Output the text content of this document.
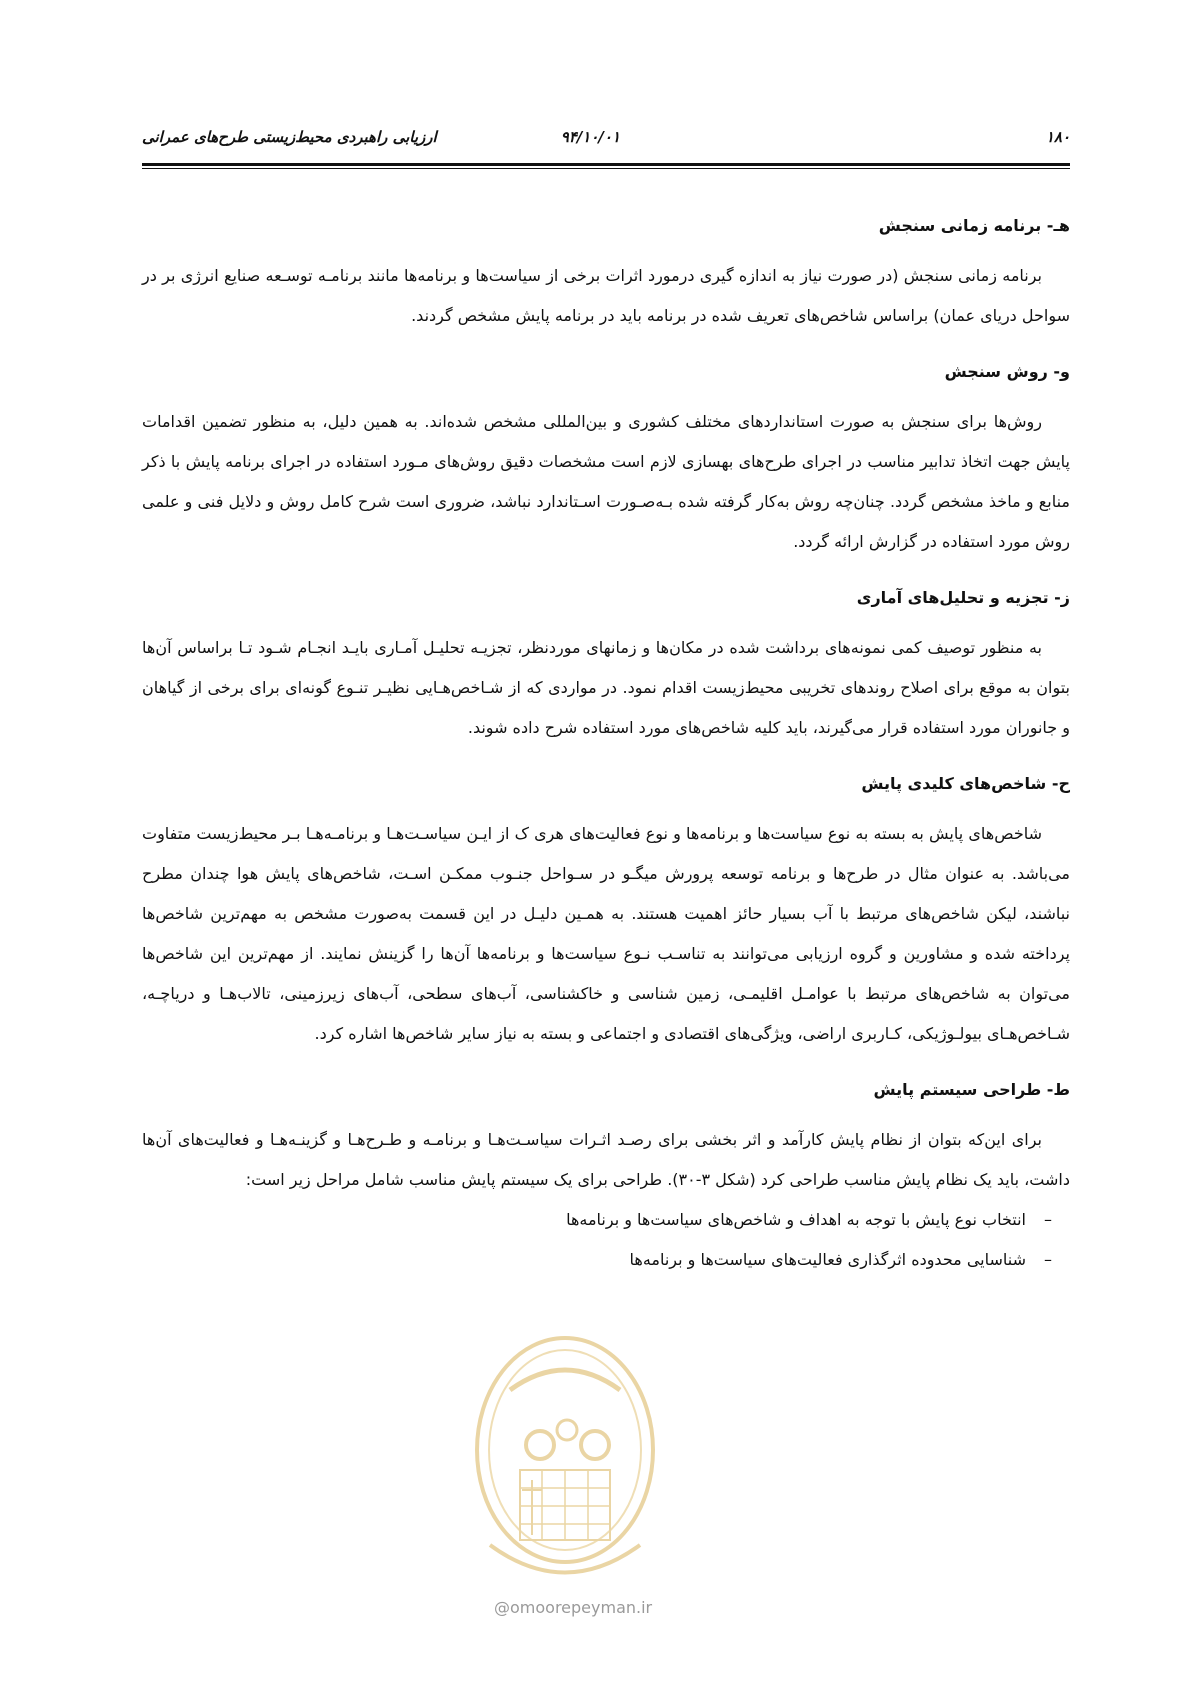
۱۸۰
۹۴/۱۰/۰۱
ارزیابی راهبردی محیط‌زیستی طرح‌های عمرانی
هـ- برنامه زمانی سنجش

برنامه زمانی سنجش (در صورت نیاز به اندازه گیری درمورد اثرات برخی از سیاست‌ها و برنامه‌ها مانند برنامـه توسـعه صنایع انرژی بر در سواحل دریای عمان) براساس شاخص‌های تعریف شده در برنامه باید در برنامه پایش مشخص گردند.

و- روش سنجش

روش‌ها برای سنجش به صورت استانداردهای مختلف کشوری و بین‌المللی مشخص شده‌اند. به همین دلیل، به منظور تضمین اقدامات پایش جهت اتخاذ تدابیر مناسب در اجرای طرح‌های بهسازی لازم است مشخصات دقیق روش‌های مـورد استفاده در اجرای برنامه پایش با ذکر منابع و ماخذ مشخص گردد. چنان‌چه روش به‌کار گرفته شده بـه‌صـورت اسـتاندارد نباشد، ضروری است شرح کامل روش و دلایل فنی و علمی روش مورد استفاده در گزارش ارائه گردد.

ز- تجزیه و تحلیل‌های آماری

به منظور توصیف کمی نمونه‌های برداشت شده در مکان‌ها و زمانهای موردنظر، تجزیـه تحلیـل آمـاری بایـد انجـام شـود تـا براساس آن‌ها بتوان به موقع برای اصلاح روندهای تخریبی محیط‌زیست اقدام نمود. در مواردی که از شـاخص‌هـایی نظیـر تنـوع گونه‌ای برای برخی از گیاهان و جانوران مورد استفاده قرار می‌گیرند، باید کلیه شاخص‌های مورد استفاده شرح داده شوند.

ح- شاخص‌های کلیدی پایش

شاخص‌های پایش به بسته به نوع سیاست‌ها و برنامه‌ها و نوع فعالیت‌های هری ک از ایـن سیاسـت‌هـا و برنامـه‌هـا بـر محیط‌زیست متفاوت می‌باشد. به عنوان مثال در طرح‌ها و برنامه توسعه پرورش میگـو در سـواحل جنـوب ممکـن اسـت، شاخص‌های پایش هوا چندان مطرح نباشند، لیکن شاخص‌های مرتبط با آب بسیار حائز اهمیت هستند. به همـین دلیـل در این قسمت به‌صورت مشخص به مهم‌ترین شاخص‌ها پرداخته شده و مشاورین و گروه ارزیابی می‌توانند به تناسـب نـوع سیاست‌ها و برنامه‌ها آن‌ها را گزینش نمایند. از مهم‌ترین این شاخص‌ها می‌توان به شاخص‌های مرتبط با عوامـل اقلیمـی، زمین شناسی و خاکشناسی، آب‌های سطحی، آب‌های زیرزمینی، تالاب‌هـا و دریاچـه، شـاخص‌هـای بیولـوژیکی، کـاربری اراضی، ویژگی‌های اقتصادی و اجتماعی و بسته به نیاز سایر شاخص‌ها اشاره کرد.

ط- طراحی سیستم پایش

برای این‌که بتوان از نظام پایش کارآمد و اثر بخشی برای رصـد اثـرات سیاسـت‌هـا و برنامـه و طـرح‌هـا و گزینـه‌هـا و فعالیت‌های آن‌ها داشت، باید یک نظام پایش مناسب طراحی کرد (شکل ۳-۳۰). طراحی برای یک سیستم پایش مناسب شامل مراحل زیر است:

–
انتخاب نوع پایش با توجه به اهداف و شاخص‌های سیاست‌ها و برنامه‌ها
–
شناسایی محدوده اثرگذاری فعالیت‌های سیاست‌ها و برنامه‌ها
@omoorepeyman.ir
